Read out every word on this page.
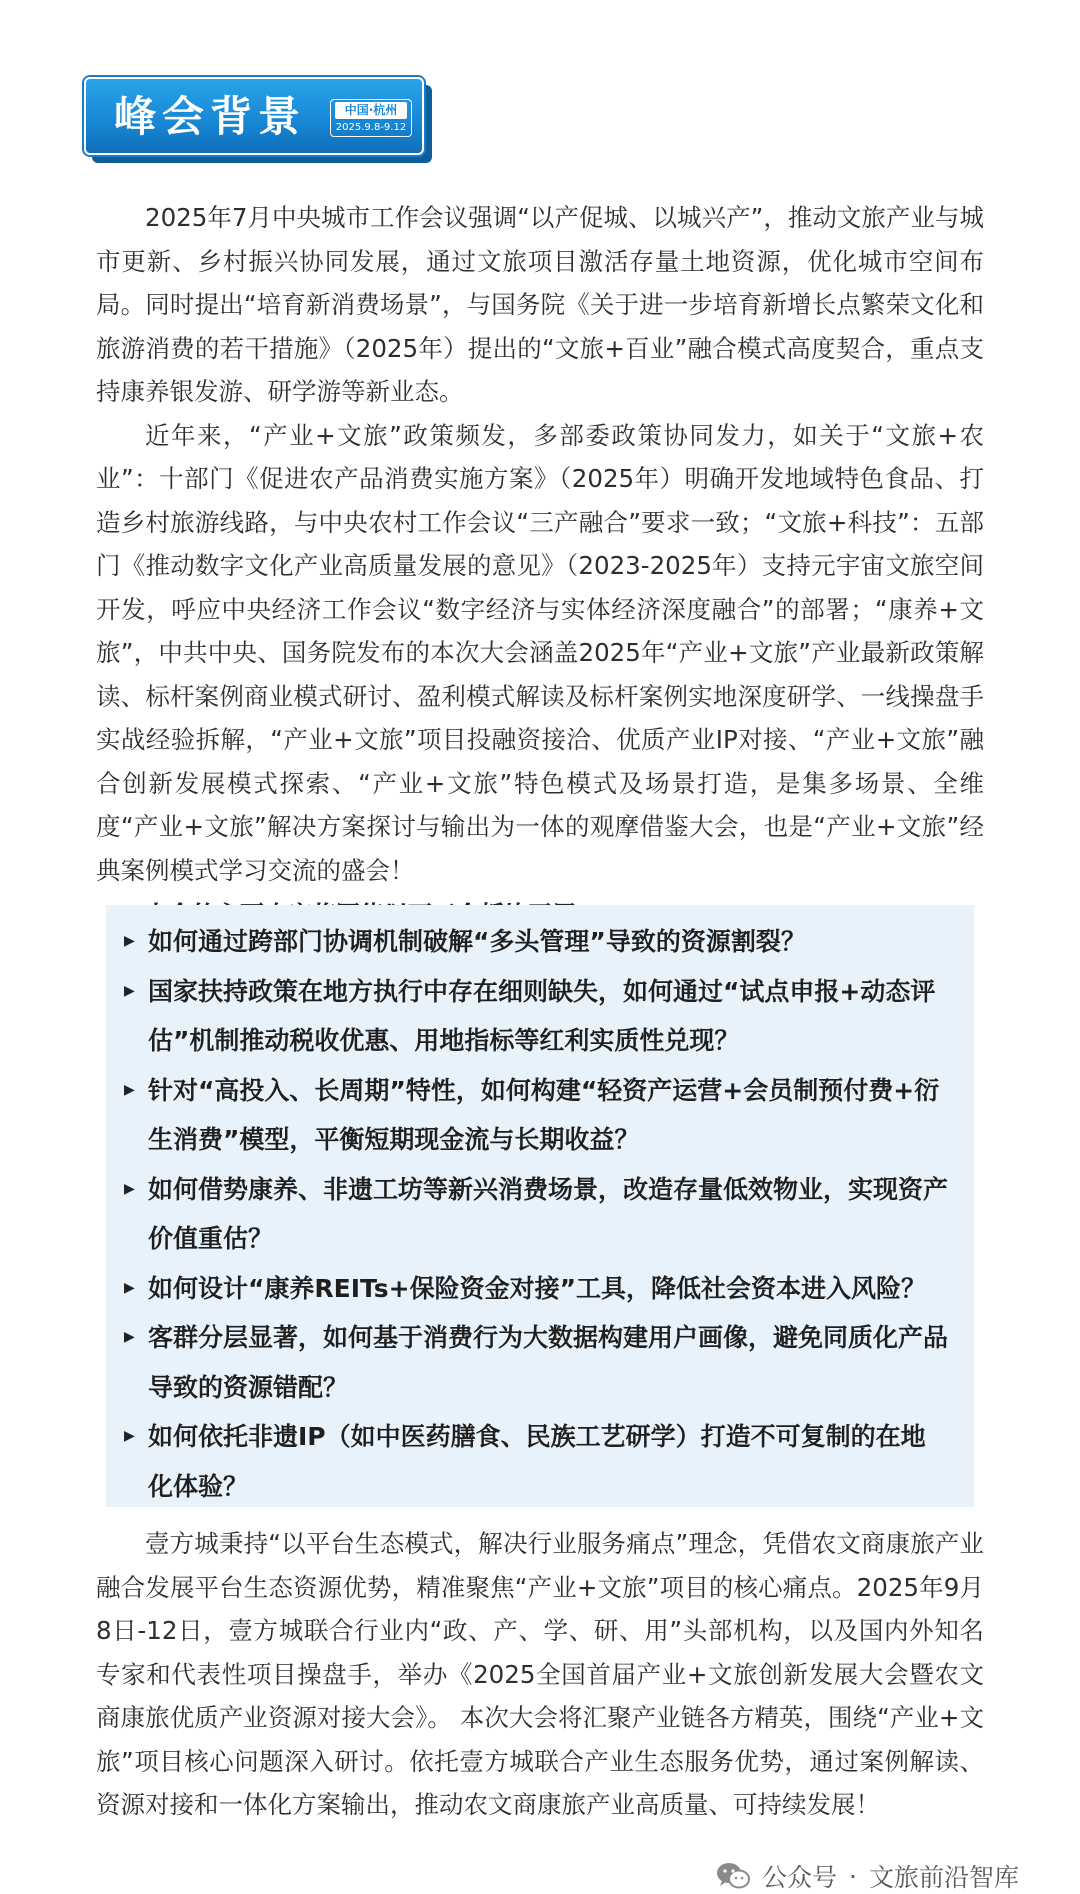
峰会背景	中国·杭州
2025.9.8-9.12

2025年7月中央城市工作会议强调“以产促城、以城兴产”，推动文旅产业与城市更新、乡村振兴协同发展，通过文旅项目激活存量土地资源，优化城市空间布局。同时提出“培育新消费场景”，与国务院《关于进一步培育新增长点繁荣文化和旅游消费的若干措施》（2025年）提出的“文旅+百业”融合模式高度契合，重点支持康养银发游、研学游等新业态。

近年来，“产业+文旅”政策频发，多部委政策协同发力，如关于“文旅+农业”：十部门《促进农产品消费实施方案》（2025年）明确开发地域特色食品、打造乡村旅游线路，与中央农村工作会议“三产融合”要求一致；“文旅+科技”：五部门《推动数字文化产业高质量发展的意见》（2023-2025年）支持元宇宙文旅空间开发，呼应中央经济工作会议“数字经济与实体经济深度融合”的部署；“康养+文旅”，中共中央、国务院发布的本次大会涵盖2025年“产业+文旅”产业最新政策解读、标杆案例商业模式研讨、盈利模式解读及标杆案例实地深度研学、一线操盘手实战经验拆解，“产业+文旅”项目投融资接洽、优质产业IP对接、“产业+文旅”融合创新发展模式探索、“产业+文旅”特色模式及场景打造，是集多场景、全维度“产业+文旅”解决方案探讨与输出为一体的观摩借鉴大会，也是“产业+文旅”经典案例模式学习交流的盛会！

▶ 如何通过跨部门协调机制破解“多头管理”导致的资源割裂？
▶ 国家扶持政策在地方执行中存在细则缺失，如何通过“试点申报+动态评估”机制推动税收优惠、用地指标等红利实质性兑现？
▶ 针对“高投入、长周期”特性，如何构建“轻资产运营+会员制预付费+衍生消费”模型，平衡短期现金流与长期收益？
▶ 如何借势康养、非遗工坊等新兴消费场景，改造存量低效物业，实现资产价值重估？
▶ 如何设计“康养REITs+保险资金对接”工具，降低社会资本进入风险？
▶ 客群分层显著，如何基于消费行为大数据构建用户画像，避免同质化产品导致的资源错配？
▶ 如何依托非遗IP（如中医药膳食、民族工艺研学）打造不可复制的在地化体验？

壹方城秉持“以平台生态模式，解决行业服务痛点”理念，凭借农文商康旅产业融合发展平台生态资源优势，精准聚焦“产业+文旅”项目的核心痛点。2025年9月8日-12日，壹方城联合行业内“政、产、学、研、用”头部机构，以及国内外知名专家和代表性项目操盘手，举办《2025全国首届产业+文旅创新发展大会暨农文商康旅优质产业资源对接大会》。 本次大会将汇聚产业链各方精英，围绕“产业+文旅”项目核心问题深入研讨。依托壹方城联合产业生态服务优势，通过案例解读、资源对接和一体化方案输出，推动农文商康旅产业高质量、可持续发展！

公众号 · 文旅前沿智库
